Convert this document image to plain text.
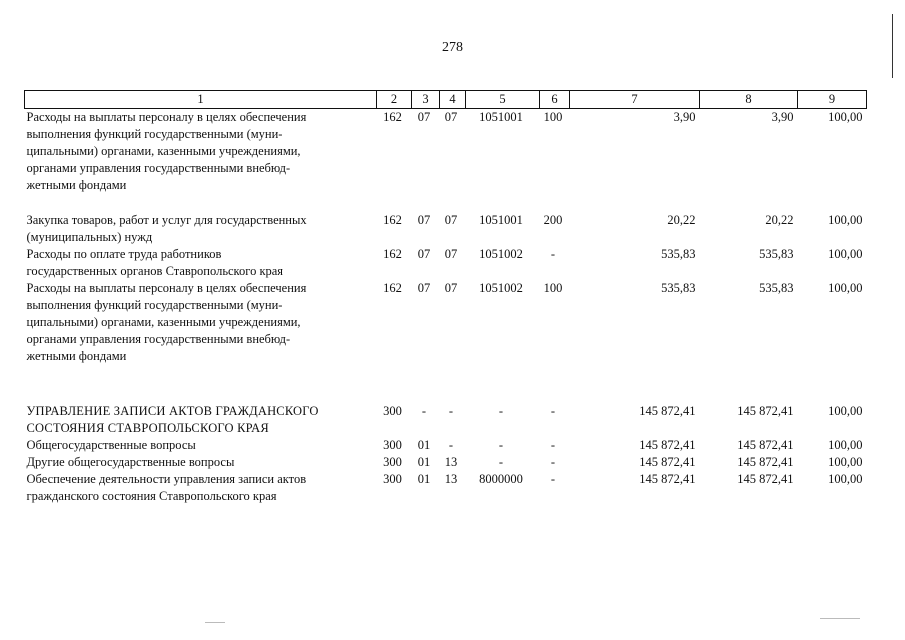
278
1	2	3	4	5	6	7	8	9

Расходы на выплаты персоналу в целях обеспечения
выполнения функций государственными (муни-
ципальными) органами, казенными учреждениями,
органами управления государственными внебюд-
жетными фондами	162	07	07	1051001	100	3,90	3,90	100,00

Закупка товаров, работ и услуг для государственных
(муниципальных) нужд	162	07	07	1051001	200	20,22	20,22	100,00

Расходы по оплате труда работников
государственных органов Ставропольского края	162	07	07	1051002	-	535,83	535,83	100,00

Расходы на выплаты персоналу в целях обеспечения
выполнения функций государственными (муни-
ципальными) органами, казенными учреждениями,
органами управления государственными внебюд-
жетными фондами	162	07	07	1051002	100	535,83	535,83	100,00

УПРАВЛЕНИЕ ЗАПИСИ АКТОВ ГРАЖДАНСКОГО
СОСТОЯНИЯ СТАВРОПОЛЬСКОГО КРАЯ	300	-	-	-	-	145 872,41	145 872,41	100,00

Общегосударственные вопросы	300	01	-	-	-	145 872,41	145 872,41	100,00

Другие общегосударственные вопросы	300	01	13	-	-	145 872,41	145 872,41	100,00

Обеспечение деятельности управления записи актов
гражданского состояния Ставропольского края	300	01	13	8000000	-	145 872,41	145 872,41	100,00
